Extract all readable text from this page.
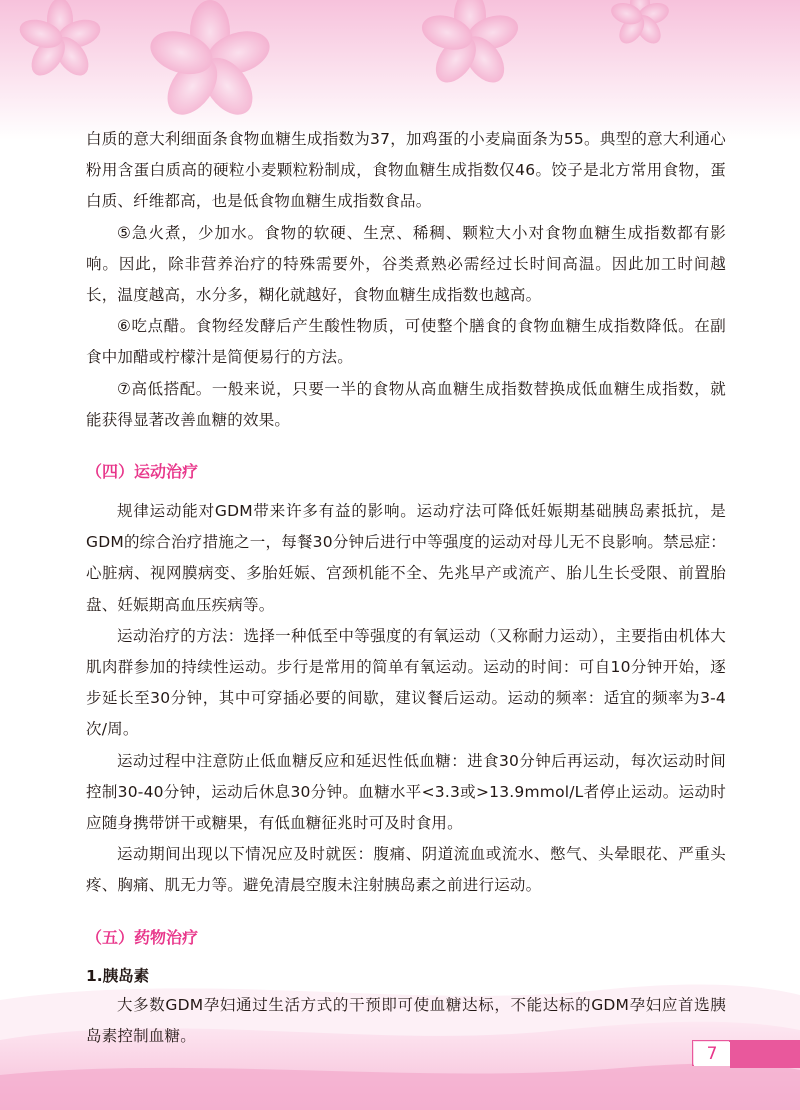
白质的意大利细面条食物血糖生成指数为37，加鸡蛋的小麦扁面条为55。典型的意大利通心粉用含蛋白质高的硬粒小麦颗粒粉制成，食物血糖生成指数仅46。饺子是北方常用食物，蛋白质、纤维都高，也是低食物血糖生成指数食品。

⑤急火煮，少加水。食物的软硬、生烹、稀稠、颗粒大小对食物血糖生成指数都有影响。因此，除非营养治疗的特殊需要外，谷类煮熟必需经过长时间高温。因此加工时间越长，温度越高，水分多，糊化就越好，食物血糖生成指数也越高。

⑥吃点醋。食物经发酵后产生酸性物质，可使整个膳食的食物血糖生成指数降低。在副食中加醋或柠檬汁是简便易行的方法。

⑦高低搭配。一般来说，只要一半的食物从高血糖生成指数替换成低血糖生成指数，就能获得显著改善血糖的效果。

（四）运动治疗

规律运动能对GDM带来许多有益的影响。运动疗法可降低妊娠期基础胰岛素抵抗，是GDM的综合治疗措施之一，每餐30分钟后进行中等强度的运动对母儿无不良影响。禁忌症：心脏病、视网膜病变、多胎妊娠、宫颈机能不全、先兆早产或流产、胎儿生长受限、前置胎盘、妊娠期高血压疾病等。

运动治疗的方法：选择一种低至中等强度的有氧运动（又称耐力运动），主要指由机体大肌肉群参加的持续性运动。步行是常用的简单有氧运动。运动的时间：可自10分钟开始，逐步延长至30分钟，其中可穿插必要的间歇，建议餐后运动。运动的频率：适宜的频率为3-4次/周。

运动过程中注意防止低血糖反应和延迟性低血糖：进食30分钟后再运动，每次运动时间控制30-40分钟，运动后休息30分钟。血糖水平<3.3或>13.9mmol/L者停止运动。运动时应随身携带饼干或糖果，有低血糖征兆时可及时食用。

运动期间出现以下情况应及时就医：腹痛、阴道流血或流水、憋气、头晕眼花、严重头疼、胸痛、肌无力等。避免清晨空腹未注射胰岛素之前进行运动。

（五）药物治疗
1.胰岛素

大多数GDM孕妇通过生活方式的干预即可使血糖达标，不能达标的GDM孕妇应首选胰岛素控制血糖。

7
